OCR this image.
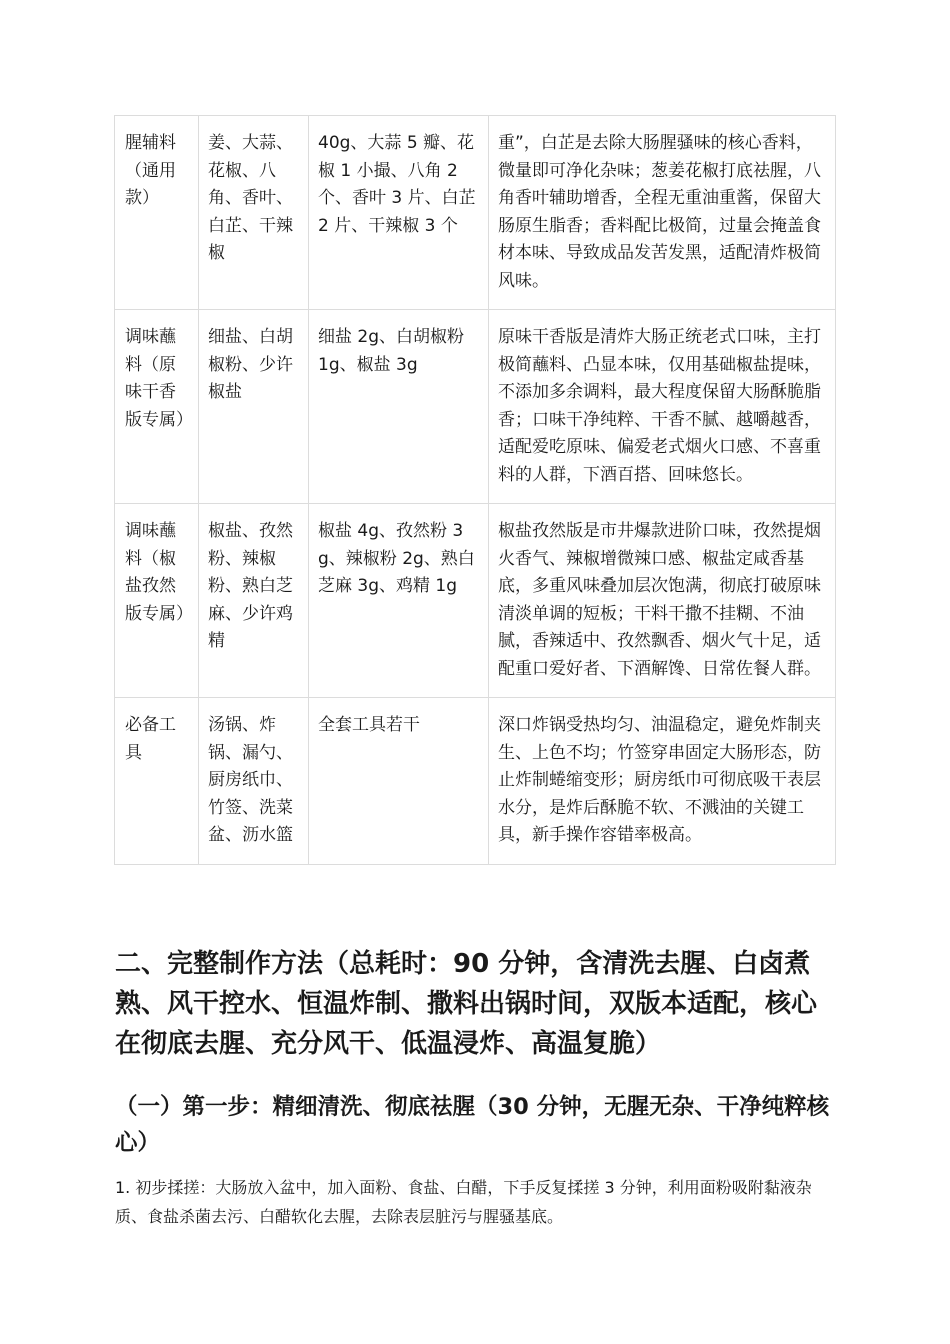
腥辅料（通用款）	姜、大蒜、花椒、八角、香叶、白芷、干辣椒	40g、大蒜 5 瓣、花椒 1 小撮、八角 2 个、香叶 3 片、白芷 2 片、干辣椒 3 个	重”，白芷是去除大肠腥骚味的核心香料，微量即可净化杂味；葱姜花椒打底祛腥，八角香叶辅助增香，全程无重油重酱，保留大肠原生脂香；香料配比极简，过量会掩盖食材本味、导致成品发苦发黑，适配清炸极简风味。
调味蘸料（原味干香版专属）	细盐、白胡椒粉、少许椒盐	细盐 2g、白胡椒粉 1g、椒盐 3g	原味干香版是清炸大肠正统老式口味，主打极简蘸料、凸显本味，仅用基础椒盐提味，不添加多余调料，最大程度保留大肠酥脆脂香；口味干净纯粹、干香不腻、越嚼越香，适配爱吃原味、偏爱老式烟火口感、不喜重料的人群，下酒百搭、回味悠长。
调味蘸料（椒盐孜然版专属）	椒盐、孜然粉、辣椒粉、熟白芝麻、少许鸡精	椒盐 4g、孜然粉 3g、辣椒粉 2g、熟白芝麻 3g、鸡精 1g	椒盐孜然版是市井爆款进阶口味，孜然提烟火香气、辣椒增微辣口感、椒盐定咸香基底，多重风味叠加层次饱满，彻底打破原味清淡单调的短板；干料干撒不挂糊、不油腻，香辣适中、孜然飘香、烟火气十足，适配重口爱好者、下酒解馋、日常佐餐人群。
必备工具	汤锅、炸锅、漏勺、厨房纸巾、竹签、洗菜盆、沥水篮	全套工具若干	深口炸锅受热均匀、油温稳定，避免炸制夹生、上色不均；竹签穿串固定大肠形态，防止炸制蜷缩变形；厨房纸巾可彻底吸干表层水分，是炸后酥脆不软、不溅油的关键工具，新手操作容错率极高。
二、完整制作方法（总耗时：90 分钟，含清洗去腥、白卤煮熟、风干控水、恒温炸制、撒料出锅时间，双版本适配，核心在彻底去腥、充分风干、低温浸炸、高温复脆）
（一）第一步：精细清洗、彻底祛腥（30 分钟，无腥无杂、干净纯粹核心）

1. 初步揉搓：大肠放入盆中，加入面粉、食盐、白醋，下手反复揉搓 3 分钟，利用面粉吸附黏液杂质、食盐杀菌去污、白醋软化去腥，去除表层脏污与腥骚基底。
